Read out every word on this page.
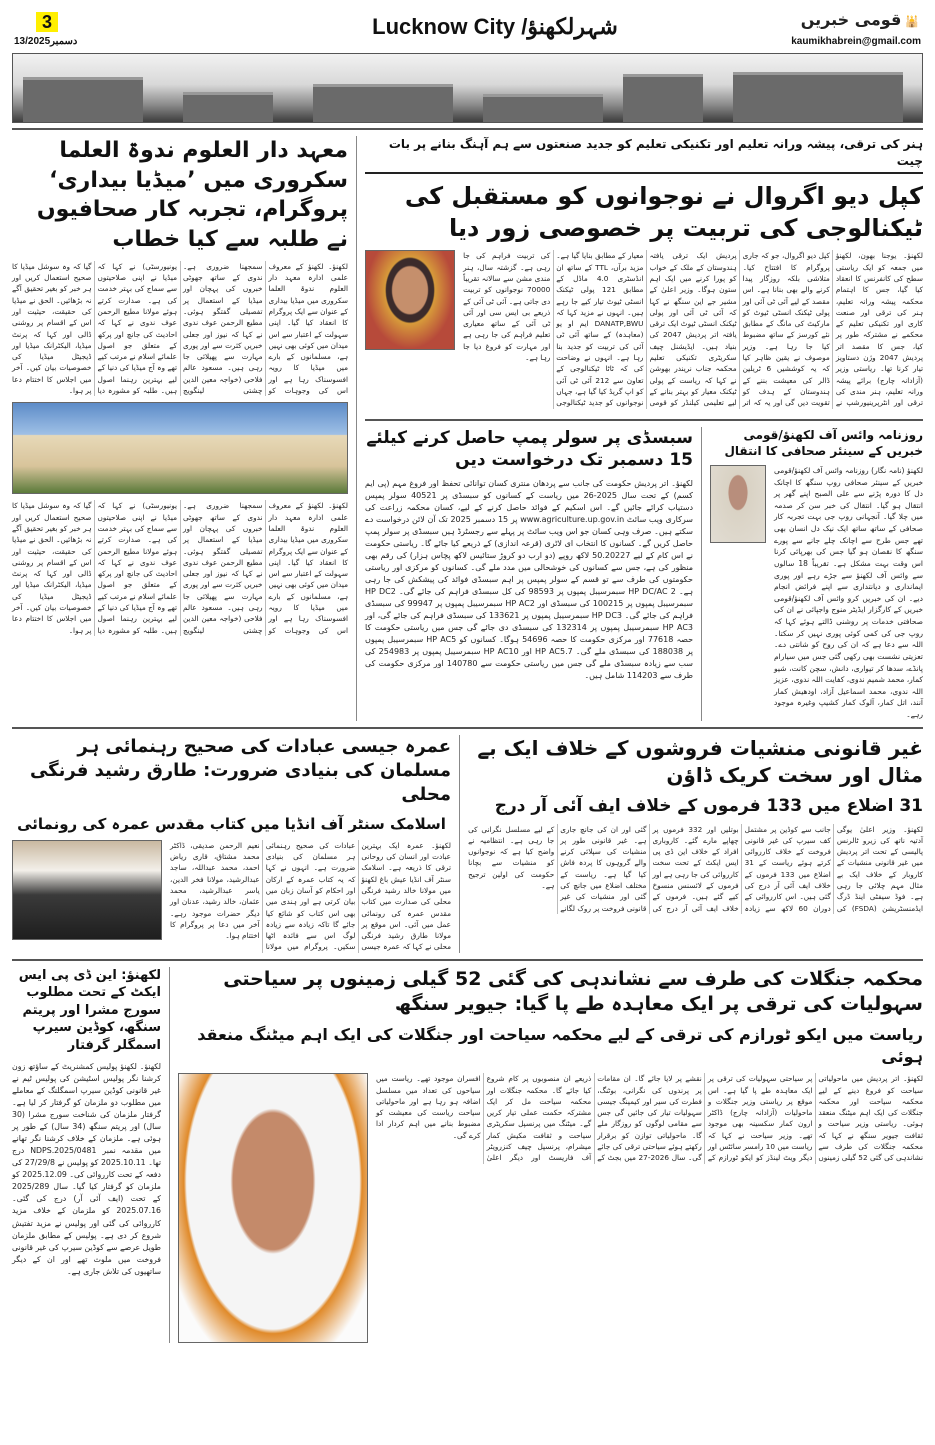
3
13/دسمبر2025
Lucknow City /شہرلکھنؤ	قومی خبریں 🕌
kaumikhabrein@gmail.com
ہنر کی ترقی، پیشہ ورانہ تعلیم اور تکنیکی تعلیم کو جدید صنعتوں سے ہم آہنگ بنانے پر بات چیت
کپل دیو اگروال نے نوجوانوں کو مستقبل کی ٹیکنالوجی کی تربیت پر خصوصی زور دیا
لکھنؤ۔ یوجنا بھون، لکھنؤ میں جمعہ کو ایک ریاستی سطح کی کانفرنس کا انعقاد کیا گیا، جس کا اہتمام محکمہ پیشہ ورانہ تعلیم، ہنر کی ترقی اور صنعت کاری اور تکنیکی تعلیم کے محکمے نے مشترکہ طور پر کیا، جس کا مقصد اتر پردیش 2047 وژن دستاویز تیار کرنا تھا۔ ریاستی وزیر (آزادانہ چارج) برائے پیشہ ورانہ تعلیم، ہنر مندی کی ترقی اور انٹرپرینیورشپ نے کپل دیو اگروال، جو کہ جاری پروگرام کا افتتاح کیا۔ متلاشی بلکہ روزگار پیدا کرنے والے بھی بنانا ہے۔ اس مقصد کے لیے آئی ٹی آئی اور پولی ٹیکنک انسٹی ٹیوٹ کو مارکیٹ کی مانگ کے مطابق نئے کورسز کے ساتھ مضبوط کیا جا رہا ہے۔ وزیر موصوف نے یقین ظاہر کیا کہ یہ کوششیں 6 ٹریلین ڈالر کی معیشت بننے کے ہندوستان کے ہدف کو تقویت دیں گی اور یہ کہ اتر پردیش ایک ترقی یافتہ ہندوستان کے ملک کے خواب کو پورا کرنے میں ایک اہم ستون ہوگا۔ وزیر اعلیٰ کے مشیر جے این سنگھ نے کہا کہ آئی ٹی آئی اور پولی ٹیکنک انسٹی ٹیوٹ ایک ترقی یافتہ اتر پردیش 2047 کی بنیاد ہیں۔ ایڈیشنل چیف سکریٹری تکنیکی تعلیم محکمہ جناب نریندر بھوشن نے کہا کہ ریاست کے پولی ٹیکنک معیار کو بہتر بنانے کے لیے تعلیمی کیلنڈر کو قومی معیار کے مطابق بنایا گیا ہے۔ مزید برآں، TTL کے ساتھ ان انڈسٹری 4.0 ماڈل کے مطابق 121 پولی ٹیکنک انسٹی ٹیوٹ تیار کیے جا رہے ہیں۔ انہوں نے مزید کہا کہ DANATP,BWU ایم او یو (معاہدہ) کے ساتھ آئی ٹی آئی کی تربیت کو جدید بنا رہا ہے۔ انہوں نے وضاحت کی کہ ٹاٹا ٹیکنالوجی کے تعاون سے 212 آئی ٹی آئی کو اپ گریڈ کیا گیا ہے، جہاں نوجوانوں کو جدید ٹیکنالوجی کی تربیت فراہم کی جا رہی ہے۔ گزشتہ سال، ہنر مندی مشن سے سالانہ تقریباً 70000 نوجوانوں کو تربیت دی جاتی ہے۔ آئی ٹی آئی کے ذریعے بی ایس سی اور آئی ٹی آئی کے ساتھ معیاری تعلیم فراہم کی جا رہی ہے اور مہارت کو فروغ دیا جا رہا ہے۔
روزنامہ وائس آف لکھنؤ/قومی خبریں کے سینئر صحافی کا انتقال
لکھنؤ (نامہ نگار) روزنامہ وائس آف لکھنؤ/قومی خبریں کے سینئر صحافی روپ سنگھ کا اچانک دل کا دورہ پڑنے سے علی الصبح اپنے گھر پر انتقال ہو گیا۔ انتقال کی خبر سن کر صدمہ میں چلا گیا۔ آنجہانی روپ جی بہت تجربہ کار صحافی کے ساتھ ساتھ ایک نیک دل انسان بھی تھے جس طرح سے اچانک چلے جانے سے پورے سنگھ کا نقصان ہو گیا جس کی بھرپائی کرنا اس وقت بہت مشکل ہے۔ تقریباً 18 سالوں سے وائس آف لکھنؤ سے جڑے رہے اور پوری ایمانداری و دیانتداری سے اپنے فرائض انجام دیے۔ ان کی خبریں کرو وائس آف لکھنؤ/قومی خبریں کے کارگزار ایڈیٹر منوج واجپائی نے ان کی صحافتی خدمات پر روشنی ڈالتے ہوئے کہا کہ روپ جی کی کمی کوئی پوری نہیں کر سکتا۔ اللہ سے دعا ہے کہ ان کی روح کو شانتی دے۔ تعزیتی نشست بھی رکھی گئی جس میں سیارام پانڈے، سدھا کر تیواری، دانش، سچن کانت، شیو کمار، محمد شمیم ندوی، کفایت اللہ ندوی، عزیز اللہ ندوی، محمد اسماعیل آزاد، اودھیش کمار آنند، اتل کمار، آلوک کمار کشیپ وغیرہ موجود رہے۔
سبسڈی پر سولر پمپ حاصل کرنے کیلئے 15 دسمبر تک درخواست دیں
لکھنؤ۔ اتر پردیش حکومت کی جانب سے پردھان منتری کسان توانائی تحفظ اور فروغ مہم (پی ایم کسم) کے تحت سال 2025-26 میں ریاست کے کسانوں کو سبسڈی پر 40521 سولر پمپس دستیاب کرائے جائیں گے۔ اس اسکیم کے فوائد حاصل کرنے کے لیے، کسان محکمہ زراعت کی سرکاری ویب سائٹ www.agriculture.up.gov.in پر 15 دسمبر 2025 تک آن لائن درخواست دے سکتے ہیں۔ صرف وہی کسان جو اس ویب سائٹ پر پہلے سے رجسٹرڈ ہیں سبسڈی پر سولر پمپ حاصل کریں گے۔ کسانوں کا انتخاب ای لاٹری (قرعہ اندازی) کے ذریعے کیا جائے گا۔ ریاستی حکومت نے اس کام کے لیے 50.20227 لاکھ روپے (دو ارب دو کروڑ ستائیس لاکھ پچاس ہزار) کی رقم بھی منظور کی ہے، جس سے کسانوں کی خوشحالی میں مدد ملے گی۔ کسانوں کو مرکزی اور ریاستی حکومتوں کی طرف سے تو قسم کے سولر پمپس پر اہم سبسڈی فوائد کی پیشکش کی جا رہی ہے۔ 2 HP DC/AC سبمرسیبل پمپوں پر 98593 کی کل سبسڈی فراہم کی جائے گی۔ HP DC2 سبمرسیبل پمپوں پر 100215 کی سبسڈی اور HP AC2 سبمرسیبل پمپوں پر 99947 کی سبسڈی فراہم کی جائے گی۔ HP DC3 سبمرسیبل پمپوں پر 133621 کی سبسڈی فراہم کی جائے گی، اور HP AC3 سبمرسیبل پمپوں پر 132314 کی سبسڈی دی جائے گی جس میں ریاستی حکومت کا حصہ 77618 اور مرکزی حکومت کا حصہ 54696 ہوگا۔ کسانوں کو HP AC5 سبمرسیبل پمپوں پر 188038 کی سبسڈی ملے گی۔ HP AC5.7 اور HP AC10 سبمرسیبل پمپوں پر 254983 کی سب سے زیادہ سبسڈی ملے گی جس میں ریاستی حکومت سے 140780 اور مرکزی حکومت کی طرف سے 114203 شامل ہیں۔
معہد دار العلوم ندوۃ العلما سکروری میں ’میڈیا بیداری‘ پروگرام، تجربہ کار صحافیوں نے طلبہ سے کیا خطاب
لکھنؤ۔ لکھنؤ کے معروف علمی ادارہ معہد دار العلوم ندوۃ العلما سکروری میں میڈیا بیداری کے عنوان سے ایک پروگرام کا انعقاد کیا گیا۔ اپنی سہولت کے اعتبار سے اس میدان میں کوئی بھی نہیں ہے، مسلمانوں کے بارے میں میڈیا کا رویہ افسوسناک رہا ہے اور اس کی وجوہات کو سمجھنا ضروری ہے۔ ندوی کے ساتھ جھوٹی خبروں کی پہچان اور میڈیا کے استعمال پر تفصیلی گفتگو ہوئی۔ مطیع الرحمن عوف ندوی نے کہا کہ نیوز اور جعلی خبریں کثرت سے اور پوری مہارت سے پھیلائی جا رہی ہیں۔ مسعود عالم فلاحی (خواجہ معین الدین چشتی لینگویج یونیورسٹی) نے کہا کہ میڈیا نے اپنی صلاحیتوں سے سماج کی بہتر خدمت کی ہے۔ صدارت کرتے ہوئے مولانا مطیع الرحمن عوف ندوی نے کہا کہ احادیث کی جانچ اور پرکھ کے متعلق جو اصول علمائے اسلام نے مرتب کیے تھے وہ آج میڈیا کی دنیا کے لیے بہترین رہنما اصول ہیں۔ طلبہ کو مشورہ دیا گیا کہ وہ سوشل میڈیا کا صحیح استعمال کریں اور ہر خبر کو بغیر تحقیق آگے نہ بڑھائیں۔ الحق نے میڈیا کی حقیقت، حیثیت اور اس کے اقسام پر روشنی ڈالی اور کہا کہ پرنٹ میڈیا، الیکٹرانک میڈیا اور ڈیجیٹل میڈیا کی خصوصیات بیان کیں۔ آخر میں اجلاس کا اختتام دعا پر ہوا۔
لکھنؤ۔ لکھنؤ کے معروف علمی ادارہ معہد دار العلوم ندوۃ العلما سکروری میں میڈیا بیداری کے عنوان سے ایک پروگرام کا انعقاد کیا گیا۔ اپنی سہولت کے اعتبار سے اس میدان میں کوئی بھی نہیں ہے، مسلمانوں کے بارے میں میڈیا کا رویہ افسوسناک رہا ہے اور اس کی وجوہات کو سمجھنا ضروری ہے۔ ندوی کے ساتھ جھوٹی خبروں کی پہچان اور میڈیا کے استعمال پر تفصیلی گفتگو ہوئی۔ مطیع الرحمن عوف ندوی نے کہا کہ نیوز اور جعلی خبریں کثرت سے اور پوری مہارت سے پھیلائی جا رہی ہیں۔ مسعود عالم فلاحی (خواجہ معین الدین چشتی لینگویج یونیورسٹی) نے کہا کہ میڈیا نے اپنی صلاحیتوں سے سماج کی بہتر خدمت کی ہے۔ صدارت کرتے ہوئے مولانا مطیع الرحمن عوف ندوی نے کہا کہ احادیث کی جانچ اور پرکھ کے متعلق جو اصول علمائے اسلام نے مرتب کیے تھے وہ آج میڈیا کی دنیا کے لیے بہترین رہنما اصول ہیں۔ طلبہ کو مشورہ دیا گیا کہ وہ سوشل میڈیا کا صحیح استعمال کریں اور ہر خبر کو بغیر تحقیق آگے نہ بڑھائیں۔ الحق نے میڈیا کی حقیقت، حیثیت اور اس کے اقسام پر روشنی ڈالی اور کہا کہ پرنٹ میڈیا، الیکٹرانک میڈیا اور ڈیجیٹل میڈیا کی خصوصیات بیان کیں۔ آخر میں اجلاس کا اختتام دعا پر ہوا۔
غیر قانونی منشیات فروشوں کے خلاف ایک بے مثال اور سخت کریک ڈاؤن
31 اضلاع میں 133 فرموں کے خلاف ایف آئی آر درج
لکھنؤ۔ وزیر اعلیٰ یوگی آدتیہ ناتھ کی زیرو ٹالرنس پالیسی کے تحت اتر پردیش میں غیر قانونی منشیات کے کاروبار کے خلاف ایک بے مثال مہم چلائی جا رہی ہے۔ فوڈ سیفٹی اینڈ ڈرگ ایڈمنسٹریشن (FSDA) کی جانب سے کوڈین پر مشتمل کف سیرپ کی غیر قانونی فروخت کے خلاف کارروائی کرتے ہوئے ریاست کے 31 اضلاع میں 133 فرموں کے خلاف ایف آئی آر درج کی گئی ہیں۔ اس کارروائی کے دوران 60 لاکھ سے زیادہ بوتلیں اور 332 فرموں پر چھاپے مارے گئے۔ کاروباری افراد کے خلاف این ڈی پی ایس ایکٹ کے تحت سخت کارروائی کی جا رہی ہے اور فرموں کے لائسنس منسوخ کیے گئے ہیں۔ فرموں کے خلاف ایف آئی آر درج کی گئی اور ان کی جانچ جاری ہے۔ غیر قانونی طور پر منشیات کی سپلائی کرنے والے گروہوں کا پردہ فاش کیا گیا ہے۔ ریاست کے مختلف اضلاع میں جانچ کی گئی اور منشیات کی غیر قانونی فروخت پر روک لگانے کے لیے مسلسل نگرانی کی جا رہی ہے۔ انتظامیہ نے واضح کیا ہے کہ نوجوانوں کو منشیات سے بچانا حکومت کی اولین ترجیح ہے۔
عمرہ جیسی عبادات کی صحیح رہنمائی ہر مسلمان کی بنیادی ضرورت: طارق رشید فرنگی محلی
اسلامک سنٹر آف انڈیا میں کتاب مقدس عمرہ کی رونمائی
لکھنؤ۔ عمرہ ایک بہترین عبادت اور انسان کی روحانی ترقی کا ذریعہ ہے۔ اسلامک سنٹر آف انڈیا عیش باغ لکھنؤ میں مولانا خالد رشید فرنگی محلی کی صدارت میں کتاب مقدس عمرہ کی رونمائی عمل میں آئی۔ اس موقع پر مولانا طارق رشید فرنگی محلی نے کہا کہ عمرہ جیسی عبادات کی صحیح رہنمائی ہر مسلمان کی بنیادی ضرورت ہے۔ انہوں نے کہا کہ یہ کتاب عمرہ کے ارکان اور احکام کو آسان زبان میں بیان کرتی ہے اور ہندی میں بھی اس کتاب کو شائع کیا جائے گا تاکہ زیادہ سے زیادہ لوگ اس سے فائدہ اٹھا سکیں۔ پروگرام میں مولانا نعیم الرحمن صدیقی، ڈاکٹر محمد مشتاق، قاری ریاض احمد، محمد عبداللہ، ساجد عبدالرشید، مولانا فخر الدین، یاسر عبدالرشید، محمد عثمان، خالد رشید، عدنان اور دیگر حضرات موجود رہے۔ آخر میں دعا پر پروگرام کا اختتام ہوا۔
محکمہ جنگلات کی طرف سے نشاندہی کی گئی 52 گیلی زمینوں پر سیاحتی سہولیات کی ترقی پر ایک معاہدہ طے پا گیا: جیویر سنگھ
ریاست میں ایکو ٹورازم کی ترقی کے لیے محکمہ سیاحت اور جنگلات کی ایک اہم میٹنگ منعقد ہوئی
لکھنؤ۔ اتر پردیش میں ماحولیاتی سیاحت کو فروغ دینے کے لیے محکمہ سیاحت اور محکمہ جنگلات کی ایک اہم میٹنگ منعقد ہوئی۔ ریاستی وزیر سیاحت و ثقافت جیویر سنگھ نے کہا کہ محکمہ جنگلات کی طرف سے نشاندہی کی گئی 52 گیلی زمینوں پر سیاحتی سہولیات کی ترقی پر ایک معاہدہ طے پا گیا ہے۔ اس موقع پر ریاستی وزیر جنگلات و ماحولیات (آزادانہ چارج) ڈاکٹر ارون کمار سکسینہ بھی موجود تھے۔ وزیر سیاحت نے کہا کہ ریاست میں 10 رامسر سائٹس اور دیگر ویٹ لینڈز کو ایکو ٹورازم کے نقشے پر لایا جائے گا۔ ان مقامات پر پرندوں کی نگرانی، بوٹنگ، فطرت کی سیر اور کیمپنگ جیسی سہولیات تیار کی جائیں گی جس سے مقامی لوگوں کو روزگار ملے گا۔ ماحولیاتی توازن کو برقرار رکھتے ہوئے سیاحتی ترقی کی جائے گی۔ سال 2026-27 میں بجٹ کے ذریعے ان منصوبوں پر کام شروع کیا جائے گا۔ محکمہ جنگلات اور محکمہ سیاحت مل کر ایک مشترکہ حکمت عملی تیار کریں گے۔ میٹنگ میں پرنسپل سکریٹری سیاحت و ثقافت مکیش کمار میشرام، پرنسپل چیف کنزرویٹر آف فاریسٹ اور دیگر اعلیٰ افسران موجود تھے۔ ریاست میں سیاحوں کی تعداد میں مسلسل اضافہ ہو رہا ہے اور ماحولیاتی سیاحت ریاست کی معیشت کو مضبوط بنانے میں اہم کردار ادا کرے گی۔
لکھنؤ: این ڈی پی ایس ایکٹ کے تحت مطلوب سورج مشرا اور پریتم سنگھ، کوڈین سیرپ اسمگلر گرفتار
لکھنؤ۔ لکھنؤ پولیس کمشنریٹ کے ساؤتھ زون کرشنا نگر پولیس اسٹیشن کی پولیس ٹیم نے غیر قانونی کوڈین سیرپ اسمگلنگ کے معاملے میں مطلوب دو ملزمان کو گرفتار کر لیا ہے۔ گرفتار ملزمان کی شناخت سورج مشرا (30 سال) اور پریتم سنگھ (34 سال) کے طور پر ہوئی ہے۔ ملزمان کے خلاف کرشنا نگر تھانے میں مقدمہ نمبر NDPS.2025/0481 درج تھا۔ 2025.10.11 کو پولیس نے 27/29/8 کی دفعہ کے تحت کارروائی کی۔ 2025.12.09 کو ملزمان کو گرفتار کیا گیا۔ سال 2025/289 کے تحت (ایف آئی آر) درج کی گئی۔ 2025.07.16 کو ملزمان کے خلاف مزید کارروائی کی گئی اور پولیس نے مزید تفتیش شروع کر دی ہے۔ پولیس کے مطابق ملزمان طویل عرصے سے کوڈین سیرپ کی غیر قانونی فروخت میں ملوث تھے اور ان کے دیگر ساتھیوں کی تلاش جاری ہے۔
